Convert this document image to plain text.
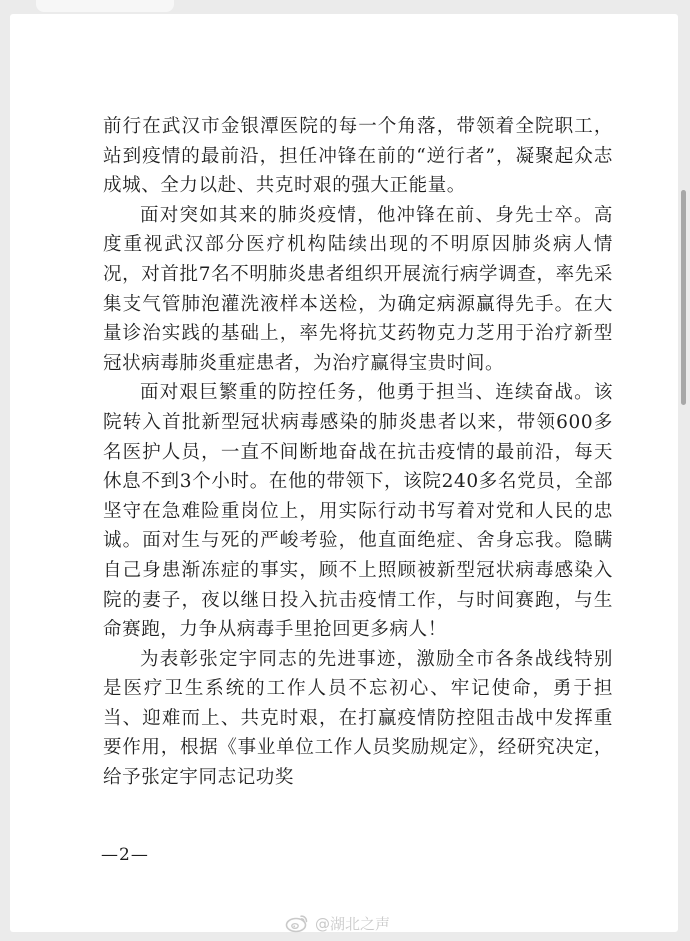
前行在武汉市金银潭医院的每一个角落，带领着全院职工，站到疫情的最前沿，担任冲锋在前的“逆行者”，凝聚起众志成城、全力以赴、共克时艰的强大正能量。

面对突如其来的肺炎疫情，他冲锋在前、身先士卒。高度重视武汉部分医疗机构陆续出现的不明原因肺炎病人情况，对首批7名不明肺炎患者组织开展流行病学调查，率先采集支气管肺泡灌洗液样本送检，为确定病源赢得先手。在大量诊治实践的基础上，率先将抗艾药物克力芝用于治疗新型冠状病毒肺炎重症患者，为治疗赢得宝贵时间。

面对艰巨繁重的防控任务，他勇于担当、连续奋战。该院转入首批新型冠状病毒感染的肺炎患者以来，带领600多名医护人员，一直不间断地奋战在抗击疫情的最前沿，每天休息不到3个小时。在他的带领下，该院240多名党员，全部坚守在急难险重岗位上，用实际行动书写着对党和人民的忠诚。面对生与死的严峻考验，他直面绝症、舍身忘我。隐瞒自己身患渐冻症的事实，顾不上照顾被新型冠状病毒感染入院的妻子，夜以继日投入抗击疫情工作，与时间赛跑，与生命赛跑，力争从病毒手里抢回更多病人！

为表彰张定宇同志的先进事迹，激励全市各条战线特别是医疗卫生系统的工作人员不忘初心、牢记使命，勇于担当、迎难而上、共克时艰，在打赢疫情防控阻击战中发挥重要作用，根据《事业单位工作人员奖励规定》，经研究决定，给予张定宇同志记功奖

—2—
@湖北之声
